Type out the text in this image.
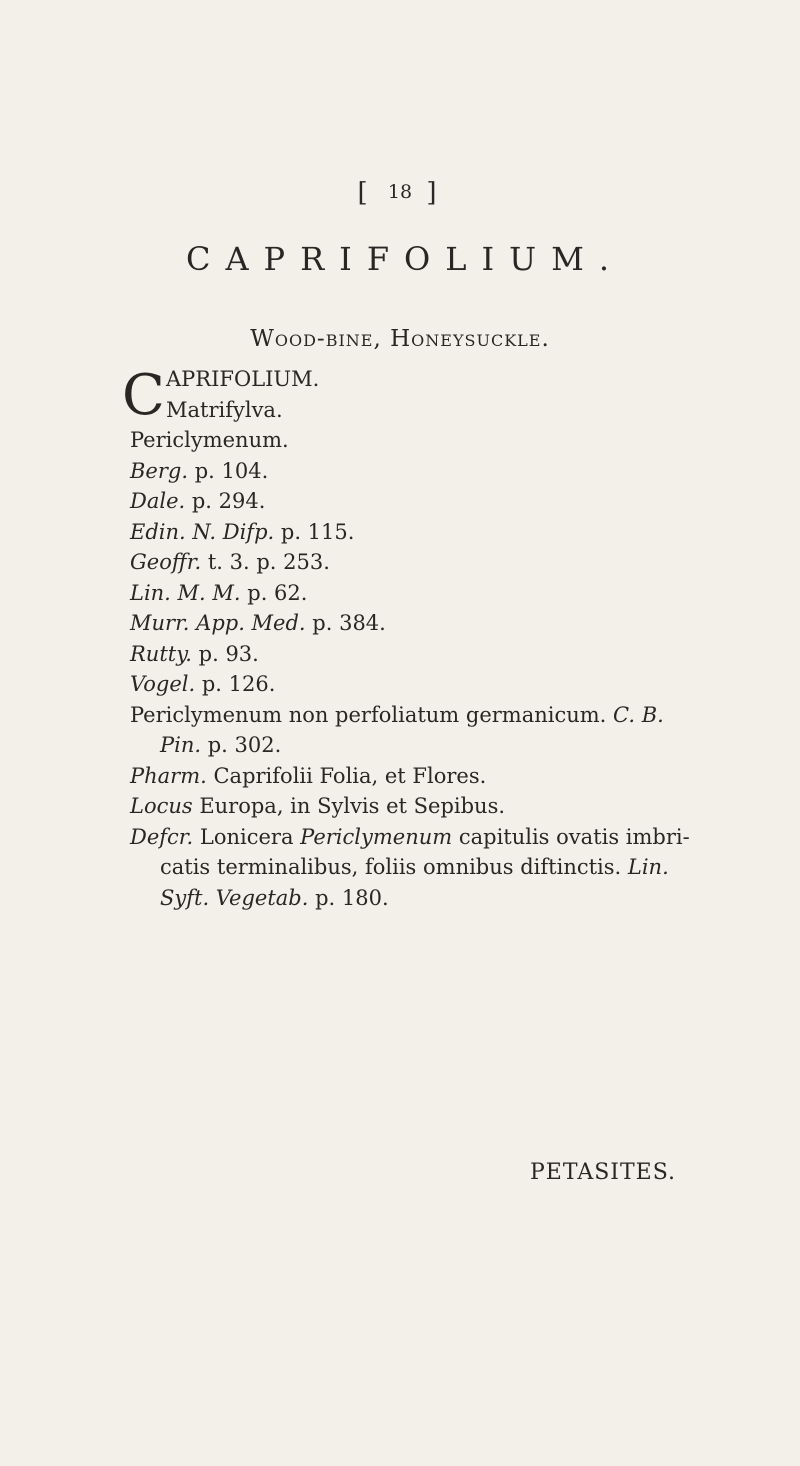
[ 18 ]
CAPRIFOLIUM.
Wood-bine, Honeysuckle.
C APRIFOLIUM.
Matrifylva.
Periclymenum.
Berg. p. 104.
Dale. p. 294.
Edin. N. Difp. p. 115.
Geoffr. t. 3. p. 253.
Lin. M. M. p. 62.
Murr. App. Med. p. 384.
Rutty. p. 93.
Vogel. p. 126.
Periclymenum non perfoliatum germanicum. C. B.
Pin. p. 302.
Pharm. Caprifolii Folia, et Flores.
Locus Europa, in Sylvis et Sepibus.
Defcr. Lonicera Periclymenum capitulis ovatis imbri-
catis terminalibus, foliis omnibus diftinctis. Lin.
Syft. Vegetab. p. 180.
PETASITES.
